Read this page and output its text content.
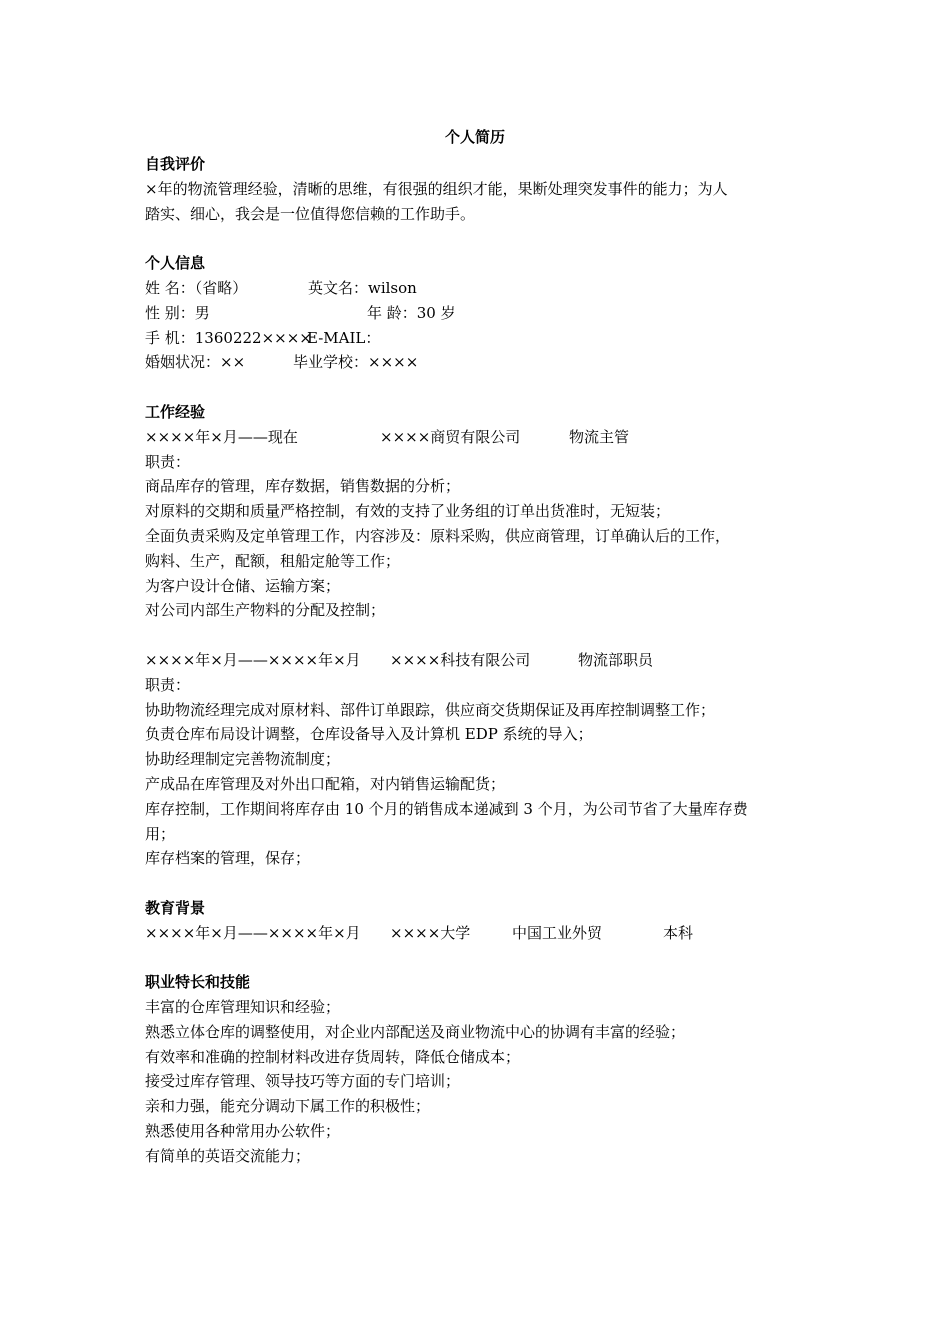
个人简历
自我评价
×年的物流管理经验，清晰的思维，有很强的组织才能，果断处理突发事件的能力；为人
踏实、细心，我会是一位值得您信赖的工作助手。
个人信息
姓 名：（省略）	英文名：wilson
性 别：男	年 龄：30 岁
手 机：1360222××××
E-MAIL：
婚姻状况：××	毕业学校：××××
工作经验
××××年×月——现在	××××商贸有限公司	物流主管
职责：
商品库存的管理，库存数据，销售数据的分析；
对原料的交期和质量严格控制，有效的支持了业务组的订单出货准时，无短装；
全面负责采购及定单管理工作，内容涉及：原料采购，供应商管理，订单确认后的工作，
购料、生产，配额，租船定舱等工作；
为客户设计仓储、运输方案；
对公司内部生产物料的分配及控制；
××××年×月——××××年×月 ××××科技有限公司	物流部职员
职责：
协助物流经理完成对原材料、部件订单跟踪，供应商交货期保证及再库控制调整工作；
负责仓库布局设计调整，仓库设备导入及计算机 EDP 系统的导入；
协助经理制定完善物流制度；
产成品在库管理及对外出口配箱，对内销售运输配货；
库存控制，工作期间将库存由 10 个月的销售成本递减到 3 个月，为公司节省了大量库存费
用；
库存档案的管理，保存；
教育背景
××××年×月——××××年×月 ××××大学	中国工业外贸	本科
职业特长和技能
丰富的仓库管理知识和经验；
熟悉立体仓库的调整使用，对企业内部配送及商业物流中心的协调有丰富的经验；
有效率和准确的控制材料改进存货周转，降低仓储成本；
接受过库存管理、领导技巧等方面的专门培训；
亲和力强，能充分调动下属工作的积极性；
熟悉使用各种常用办公软件；
有简单的英语交流能力；
